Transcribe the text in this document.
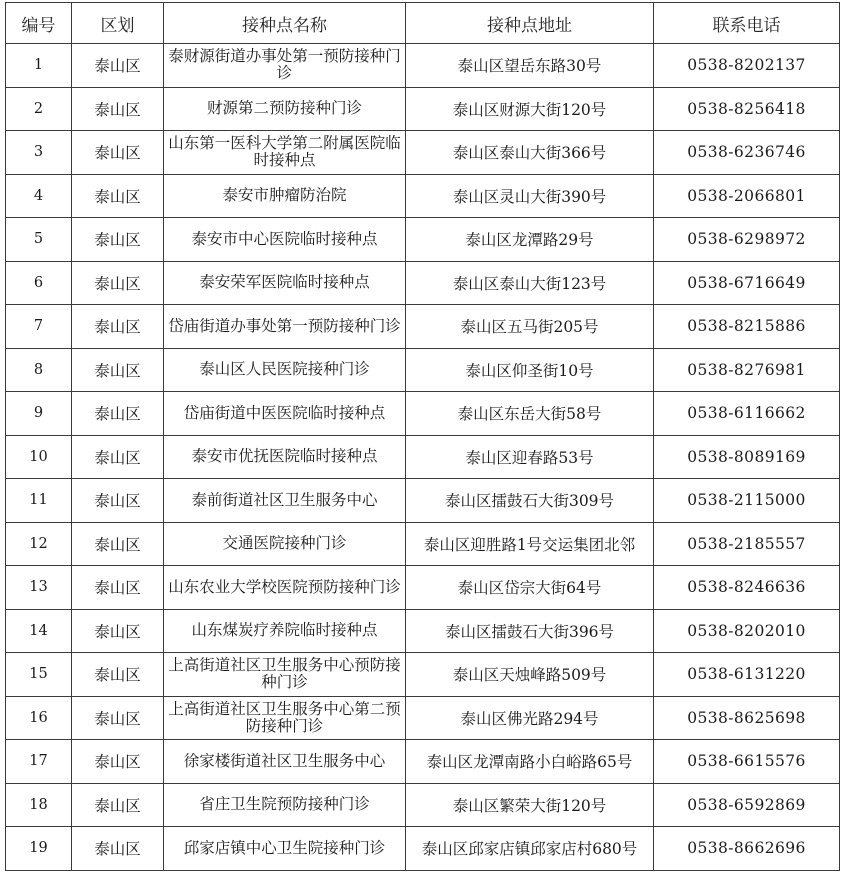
编号	区划	接种点名称	接种点地址	联系电话
1	泰山区	泰财源街道办事处第一预防接种门诊	泰山区望岳东路30号	0538-8202137
2	泰山区	财源第二预防接种门诊	泰山区财源大街120号	0538-8256418
3	泰山区	山东第一医科大学第二附属医院临时接种点	泰山区泰山大街366号	0538-6236746
4	泰山区	泰安市肿瘤防治院	泰山区灵山大街390号	0538-2066801
5	泰山区	泰安市中心医院临时接种点	泰山区龙潭路29号	0538-6298972
6	泰山区	泰安荣军医院临时接种点	泰山区泰山大街123号	0538-6716649
7	泰山区	岱庙街道办事处第一预防接种门诊	泰山区五马街205号	0538-8215886
8	泰山区	泰山区人民医院接种门诊	泰山区仰圣街10号	0538-8276981
9	泰山区	岱庙街道中医医院临时接种点	泰山区东岳大街58号	0538-6116662
10	泰山区	泰安市优抚医院临时接种点	泰山区迎春路53号	0538-8089169
11	泰山区	泰前街道社区卫生服务中心	泰山区擂鼓石大街309号	0538-2115000
12	泰山区	交通医院接种门诊	泰山区迎胜路1号交运集团北邻	0538-2185557
13	泰山区	山东农业大学校医院预防接种门诊	泰山区岱宗大街64号	0538-8246636
14	泰山区	山东煤炭疗养院临时接种点	泰山区擂鼓石大街396号	0538-8202010
15	泰山区	上高街道社区卫生服务中心预防接种门诊	泰山区天烛峰路509号	0538-6131220
16	泰山区	上高街道社区卫生服务中心第二预防接种门诊	泰山区佛光路294号	0538-8625698
17	泰山区	徐家楼街道社区卫生服务中心	泰山区龙潭南路小白峪路65号	0538-6615576
18	泰山区	省庄卫生院预防接种门诊	泰山区繁荣大街120号	0538-6592869
19	泰山区	邱家店镇中心卫生院接种门诊	泰山区邱家店镇邱家店村680号	0538-8662696
